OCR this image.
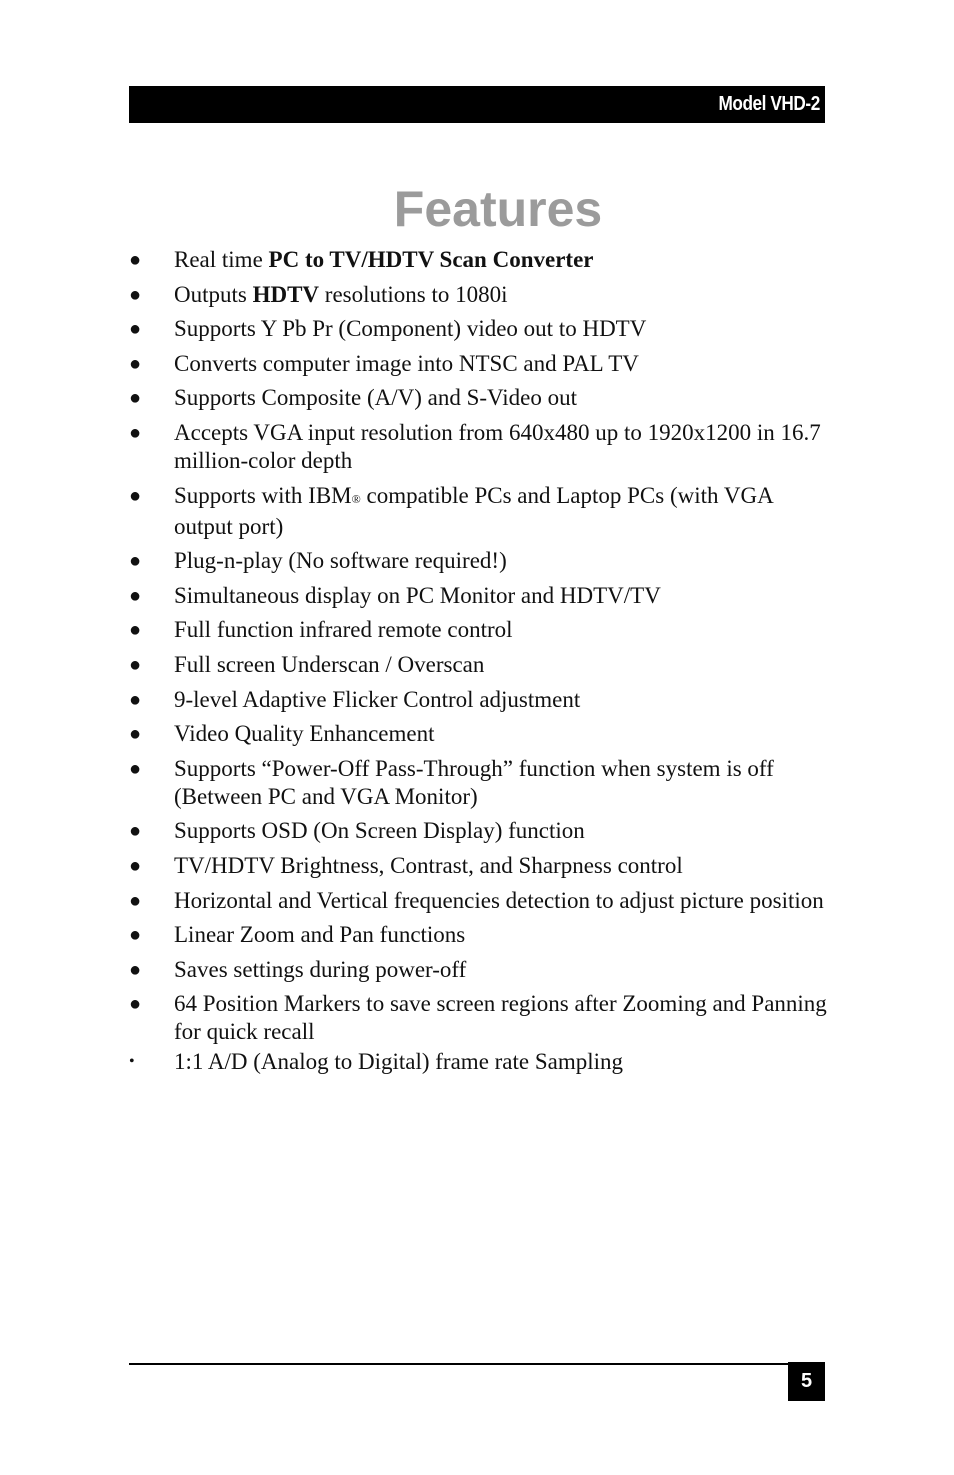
Model VHD-2
Features
● Real time PC to TV/HDTV Scan Converter
● Outputs HDTV resolutions to 1080i
● Supports Y Pb Pr (Component) video out to HDTV
● Converts computer image into NTSC and PAL TV
● Supports Composite (A/V) and S-Video out
● Accepts VGA input resolution from 640x480 up to 1920x1200 in 16.7
million-color depth
● Supports with IBM® compatible PCs and Laptop PCs (with VGA
output port)
● Plug-n-play (No software required!)
● Simultaneous display on PC Monitor and HDTV/TV
● Full function infrared remote control
● Full screen Underscan / Overscan
● 9-level Adaptive Flicker Control adjustment
● Video Quality Enhancement
● Supports “Power-Off Pass-Through” function when system is off
(Between PC and VGA Monitor)
● Supports OSD (On Screen Display) function
● TV/HDTV Brightness, Contrast, and Sharpness control
● Horizontal and Vertical frequencies detection to adjust picture position
● Linear Zoom and Pan functions
● Saves settings during power-off
● 64 Position Markers to save screen regions after Zooming and Panning
for quick recall
• 1:1 A/D (Analog to Digital) frame rate Sampling
5
